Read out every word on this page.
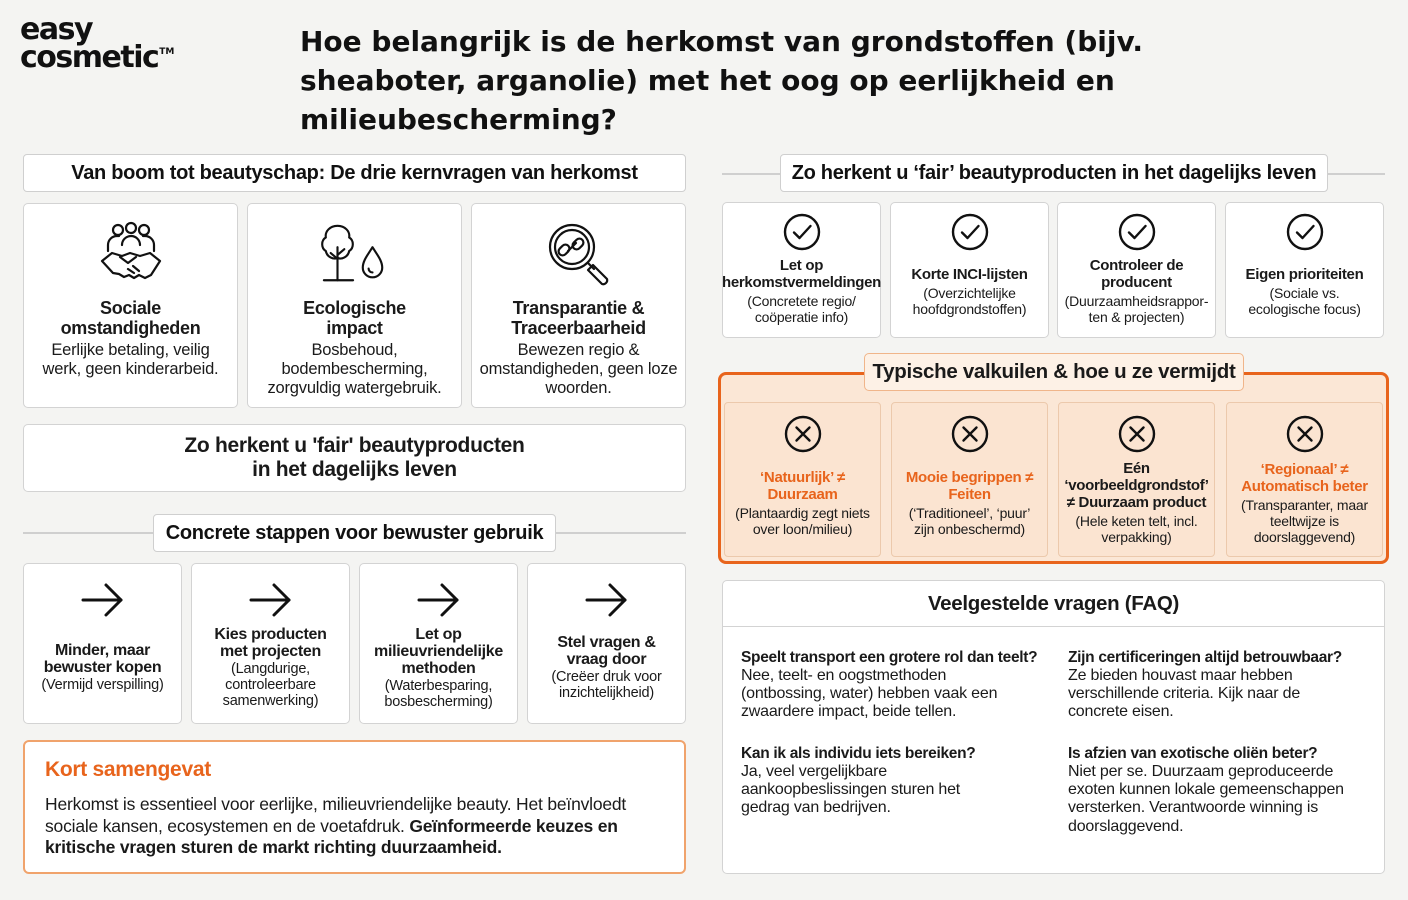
easy
cosmetic™	Hoe belangrijk is de herkomst van grondstoffen (bijv. sheaboter, arganolie) met het oog op eerlijkheid en milieubescherming?
Van boom tot beautyschap: De drie kernvragen van herkomst
Sociale omstandigheden
Eerlijke betaling, veilig werk, geen kinderarbeid.
Ecologische impact
Bosbehoud, bodembescherming, zorgvuldig watergebruik.
Transparantie & Traceerbaarheid
Bewezen regio & omstandigheden, geen loze woorden.
Zo herkent u 'fair' beautyproducten
in het dagelijks leven
Concrete stappen voor bewuster gebruik
Minder, maar bewuster kopen
(Vermijd verspilling)
Kies producten met projecten
(Langdurige, controleerbare samenwerking)
Let op milieuvriendelijke methoden
(Waterbesparing, bosbescherming)
Stel vragen & vraag door
(Creëer druk voor inzichtelijkheid)
Kort samengevat
Herkomst is essentieel voor eerlijke, milieuvriendelijke beauty. Het beïnvloedt sociale kansen, ecosystemen en de voetafdruk. Geïnformeerde keuzes en kritische vragen sturen de markt richting duurzaamheid.
Zo herkent u ‘fair’ beautyproducten in het dagelijks leven
Let op herkomstvermeldingen
(Concretete regio/ coöperatie info)
Korte INCI-lijsten
(Overzichtelijke hoofdgrondstoffen)
Controleer de producent
(Duurzaamheidsrappor- ten & projecten)
Eigen prioriteiten
(Sociale vs. ecologische focus)
Typische valkuilen & hoe u ze vermijdt
‘Natuurlijk’ ≠ Duurzaam
(Plantaardig zegt niets over loon/milieu)
Mooie begrippen ≠ Feiten
(‘Traditioneel’, ‘puur’ zijn onbeschermd)
Eén ‘voorbeeldgrondstof’ ≠ Duurzaam product
(Hele keten telt, incl. verpakking)
‘Regionaal’ ≠ Automatisch beter
(Transparanter, maar teeltwijze is doorslaggevend)
Veelgestelde vragen (FAQ)
Speelt transport een grotere rol dan teelt?
Nee, teelt- en oogstmethoden (ontbossing, water) hebben vaak een zwaardere impact, beide tellen.
Zijn certificeringen altijd betrouwbaar?
Ze bieden houvast maar hebben verschillende criteria. Kijk naar de concrete eisen.
Kan ik als individu iets bereiken?
Ja, veel vergelijkbare aankoopbeslissingen sturen het gedrag van bedrijven.
Is afzien van exotische oliën beter?
Niet per se. Duurzaam geproduceerde exoten kunnen lokale gemeenschappen versterken. Verantwoorde winning is doorslaggevend.
